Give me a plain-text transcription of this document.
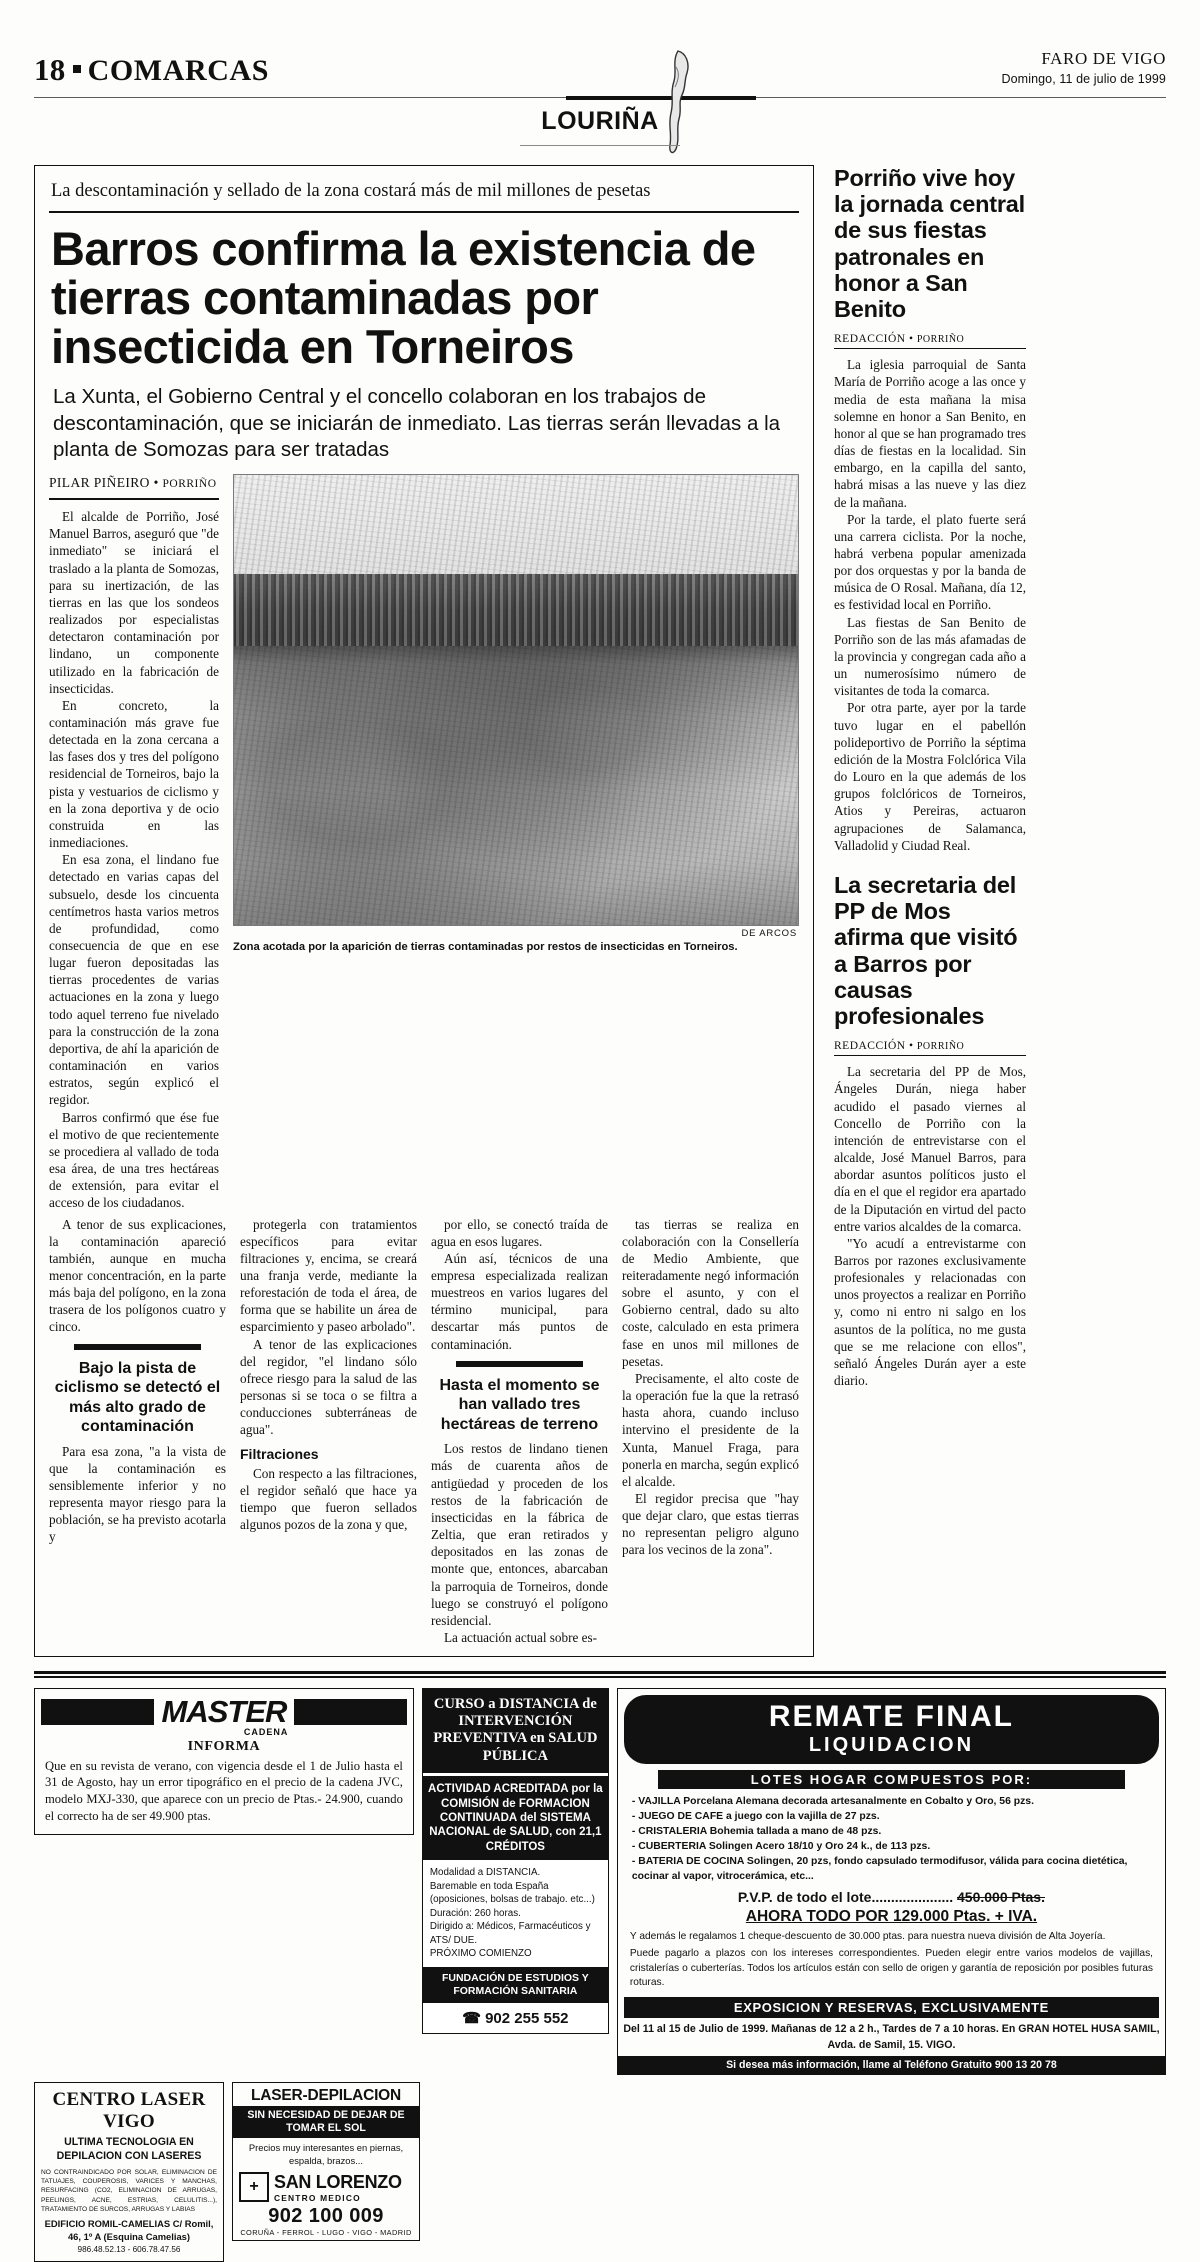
18 COMARCAS	FARO DE VIGO
Domingo, 11 de julio de 1999
LOURIÑA
La descontaminación y sellado de la zona costará más de mil millones de pesetas
Barros confirma la existencia de tierras contaminadas por insecticida en Torneiros
La Xunta, el Gobierno Central y el concello colaboran en los trabajos de descontaminación, que se iniciarán de inmediato. Las tierras serán llevadas a la planta de Somozas para ser tratadas
PILAR PIÑEIRO • PORRIÑO

El alcalde de Porriño, José Manuel Barros, aseguró que "de inmediato" se iniciará el traslado a la planta de Somozas, para su inertización, de las tierras en las que los sondeos realizados por especialistas detectaron contaminación por lindano, un componente utilizado en la fabricación de insecticidas.

En concreto, la contaminación más grave fue detectada en la zona cercana a las fases dos y tres del polígono residencial de Torneiros, bajo la pista y vestuarios de ciclismo y en la zona deportiva y de ocio construida en las inmediaciones.

En esa zona, el lindano fue detectado en varias capas del subsuelo, desde los cincuenta centímetros hasta varios metros de profundidad, como consecuencia de que en ese lugar fueron depositadas las tierras procedentes de varias actuaciones en la zona y luego todo aquel terreno fue nivelado para la construcción de la zona deportiva, de ahí la aparición de contaminación en varios estratos, según explicó el regidor.

Barros confirmó que ése fue el motivo de que recientemente se procediera al vallado de toda esa área, de una tres hectáreas de extensión, para evitar el acceso de los ciudadanos.

DE ARCOS
Zona acotada por la aparición de tierras contaminadas por restos de insecticidas en Torneiros.

A tenor de sus explicaciones, la contaminación apareció también, aunque en mucha menor concentración, en la parte más baja del polígono, en la zona trasera de los polígonos cuatro y cinco.

Bajo la pista de ciclismo se detectó el más alto grado de contaminación

Para esa zona, "a la vista de que la contaminación es sensiblemente inferior y no representa mayor riesgo para la población, se ha previsto acotarla y

protegerla con tratamientos específicos para evitar filtraciones y, encima, se creará una franja verde, mediante la reforestación de toda el área, de forma que se habilite un área de esparcimiento y paseo arbolado".

A tenor de las explicaciones del regidor, "el lindano sólo ofrece riesgo para la salud de las personas si se toca o se filtra a conducciones subterráneas de agua".

Filtraciones

Con respecto a las filtraciones, el regidor señaló que hace ya tiempo que fueron sellados algunos pozos de la zona y que,

por ello, se conectó traída de agua en esos lugares.

Aún así, técnicos de una empresa especializada realizan muestreos en varios lugares del término municipal, para descartar más puntos de contaminación.

Hasta el momento se han vallado tres hectáreas de terreno

Los restos de lindano tienen más de cuarenta años de antigüedad y proceden de los restos de la fabricación de insecticidas en la fábrica de Zeltia, que eran retirados y depositados en las zonas de monte que, entonces, abarcaban la parroquia de Torneiros, donde luego se construyó el polígono residencial.

La actuación actual sobre es-

tas tierras se realiza en colaboración con la Consellería de Medio Ambiente, que reiteradamente negó información sobre el asunto, y con el Gobierno central, dado su alto coste, calculado en esta primera fase en unos mil millones de pesetas.

Precisamente, el alto coste de la operación fue la que la retrasó hasta ahora, cuando incluso intervino el presidente de la Xunta, Manuel Fraga, para ponerla en marcha, según explicó el alcalde.

El regidor precisa que "hay que dejar claro, que estas tierras no representan peligro alguno para los vecinos de la zona".

Porriño vive hoy la jornada central de sus fiestas patronales en honor a San Benito
REDACCIÓN • PORRIÑO

La iglesia parroquial de Santa María de Porriño acoge a las once y media de esta mañana la misa solemne en honor a San Benito, en honor al que se han programado tres días de fiestas en la localidad. Sin embargo, en la capilla del santo, habrá misas a las nueve y las diez de la mañana.

Por la tarde, el plato fuerte será una carrera ciclista. Por la noche, habrá verbena popular amenizada por dos orquestas y por la banda de música de O Rosal. Mañana, día 12, es festividad local en Porriño.

Las fiestas de San Benito de Porriño son de las más afamadas de la provincia y congregan cada año a un numerosísimo número de visitantes de toda la comarca.

Por otra parte, ayer por la tarde tuvo lugar en el pabellón polideportivo de Porriño la séptima edición de la Mostra Folclórica Vila do Louro en la que además de los grupos folclóricos de Torneiros, Atios y Pereiras, actuaron agrupaciones de Salamanca, Valladolid y Ciudad Real.

La secretaria del PP de Mos afirma que visitó a Barros por causas profesionales
REDACCIÓN • PORRIÑO

La secretaria del PP de Mos, Ángeles Durán, niega haber acudido el pasado viernes al Concello de Porriño con la intención de entrevistarse con el alcalde, José Manuel Barros, para abordar asuntos políticos justo el día en el que el regidor era apartado de la Diputación en virtud del pacto entre varios alcaldes de la comarca.

"Yo acudí a entrevistarme con Barros por razones exclusivamente profesionales y relacionadas con unos proyectos a realizar en Porriño y, como ni entro ni salgo en los asuntos de la política, no me gusta que se me relacione con ellos", señaló Ángeles Durán ayer a este diario.

MASTER
CADENA
INFORMA
Que en su revista de verano, con vigencia desde el 1 de Julio hasta el 31 de Agosto, hay un error tipográfico en el precio de la cadena JVC, modelo MXJ-330, que aparece con un precio de Ptas.- 24.900, cuando el correcto ha de ser 49.900 ptas.
CURSO a DISTANCIA de INTERVENCIÓN PREVENTIVA en SALUD PÚBLICA
ACTIVIDAD ACREDITADA por la COMISIÓN de FORMACION CONTINUADA del SISTEMA NACIONAL de SALUD, con 21,1 CRÉDITOS
Modalidad a DISTANCIA.
Baremable en toda España (oposiciones, bolsas de trabajo. etc...)
Duración: 260 horas.
Dirigido a: Médicos, Farmacéuticos y ATS/ DUE.
PRÓXIMO COMIENZO
FUNDACIÓN DE ESTUDIOS Y FORMACIÓN SANITARIA
☎ 902 255 552
REMATE FINAL
LIQUIDACION
LOTES HOGAR COMPUESTOS POR:
- VAJILLA Porcelana Alemana decorada artesanalmente en Cobalto y Oro, 56 pzs.
- JUEGO DE CAFE a juego con la vajilla de 27 pzs.
- CRISTALERIA Bohemia tallada a mano de 48 pzs.
- CUBERTERIA Solingen Acero 18/10 y Oro 24 k., de 113 pzs.
- BATERIA DE COCINA Solingen, 20 pzs, fondo capsulado termodifusor, válida para cocina dietética, cocinar al vapor, vitrocerámica, etc...
P.V.P. de todo el lote..................... 450.000 Ptas.
AHORA TODO POR 129.000 Ptas. + IVA.
Y además le regalamos 1 cheque-descuento de 30.000 ptas. para nuestra nueva división de Alta Joyería.
Puede pagarlo a plazos con los intereses correspondientes. Pueden elegir entre varios modelos de vajillas, cristalerías o cuberterías. Todos los artículos están con sello de origen y garantía de reposición por posibles futuras roturas.
EXPOSICION Y RESERVAS, EXCLUSIVAMENTE
Del 11 al 15 de Julio de 1999. Mañanas de 12 a 2 h., Tardes de 7 a 10 horas. En GRAN HOTEL HUSA SAMIL, Avda. de Samil, 15. VIGO.
Si desea más información, llame al Teléfono Gratuito 900 13 20 78
CENTRO LASER VIGO
ULTIMA TECNOLOGIA EN DEPILACION CON LASERES
NO CONTRAINDICADO POR SOLAR, ELIMINACION DE TATUAJES, COUPEROSIS, VARICES Y MANCHAS, RESURFACING (CO2, ELIMINACION DE ARRUGAS, PEELINGS, ACNE, ESTRIAS, CELULITIS...), TRATAMIENTO DE SURCOS, ARRUGAS Y LABIAS
EDIFICIO ROMIL-CAMELIAS C/ Romil, 46, 1º A (Esquina Camelias)
986.48.52.13 - 606.78.47.56
LASER-DEPILACION
SIN NECESIDAD DE DEJAR DE TOMAR EL SOL
Precios muy interesantes en piernas, espalda, brazos...
+ SAN LORENZO
CENTRO MEDICO
902 100 009
CORUÑA - FERROL - LUGO - VIGO - MADRID
